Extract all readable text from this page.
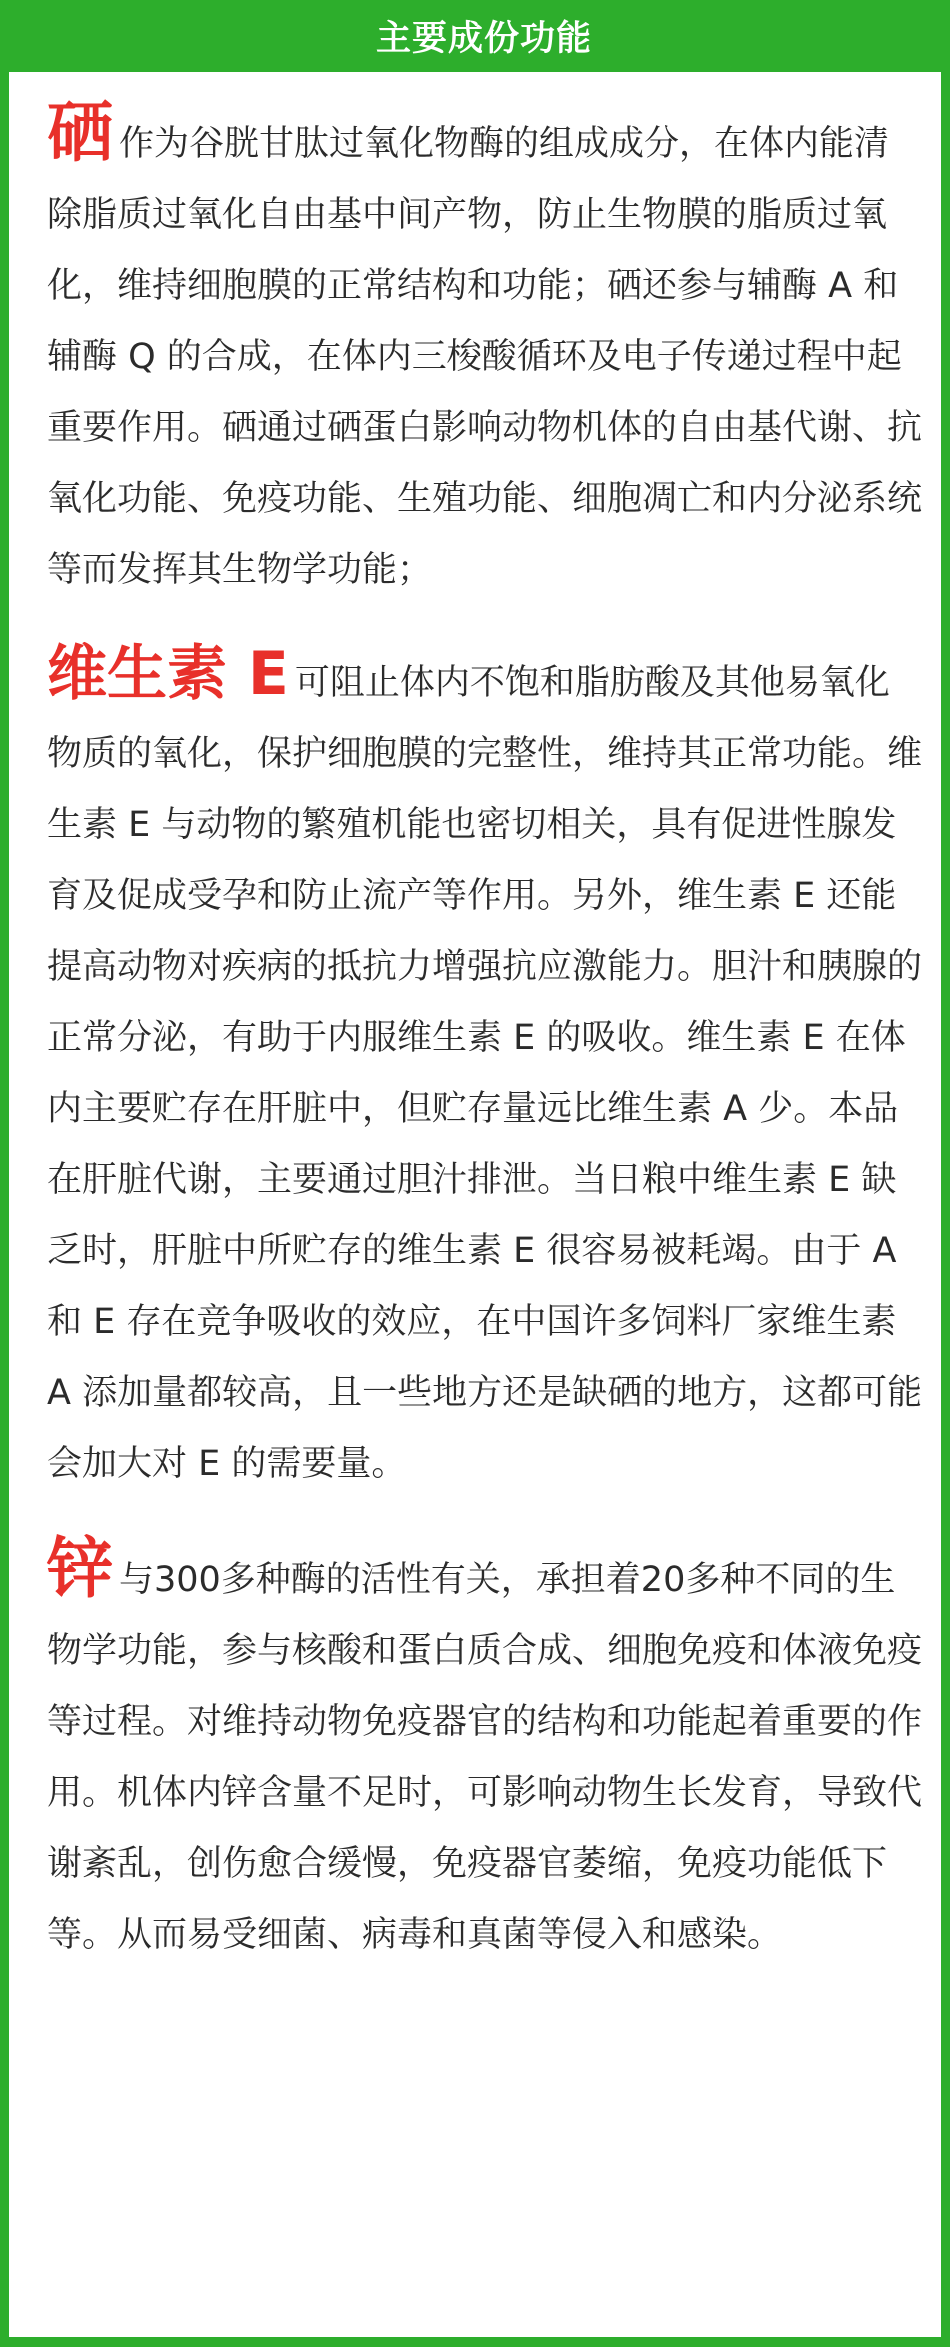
主要成份功能

硒作为谷胱甘肽过氧化物酶的组成成分，在体内能清除脂质过氧化自由基中间产物，防止生物膜的脂质过氧化，维持细胞膜的正常结构和功能；硒还参与辅酶 A 和辅酶 Q 的合成，在体内三梭酸循环及电子传递过程中起重要作用。硒通过硒蛋白影响动物机体的自由基代谢、抗氧化功能、免疫功能、生殖功能、细胞凋亡和内分泌系统等而发挥其生物学功能；

维生素 E 可阻止体内不饱和脂肪酸及其他易氧化物质的氧化，保护细胞膜的完整性，维持其正常功能。维生素 E 与动物的繁殖机能也密切相关，具有促进性腺发育及促成受孕和防止流产等作用。另外，维生素 E 还能提高动物对疾病的抵抗力增强抗应激能力。胆汁和胰腺的正常分泌，有助于内服维生素 E 的吸收。维生素 E 在体内主要贮存在肝脏中，但贮存量远比维生素 A 少。本品在肝脏代谢，主要通过胆汁排泄。当日粮中维生素 E 缺乏时，肝脏中所贮存的维生素 E 很容易被耗竭。由于 A 和 E 存在竞争吸收的效应，在中国许多饲料厂家维生素 A 添加量都较高，且一些地方还是缺硒的地方，这都可能会加大对 E 的需要量。

锌与300多种酶的活性有关，承担着20多种不同的生物学功能，参与核酸和蛋白质合成、细胞免疫和体液免疫等过程。对维持动物免疫器官的结构和功能起着重要的作用。机体内锌含量不足时，可影响动物生长发育，导致代谢紊乱，创伤愈合缓慢，免疫器官萎缩，免疫功能低下等。从而易受细菌、病毒和真菌等侵入和感染。
